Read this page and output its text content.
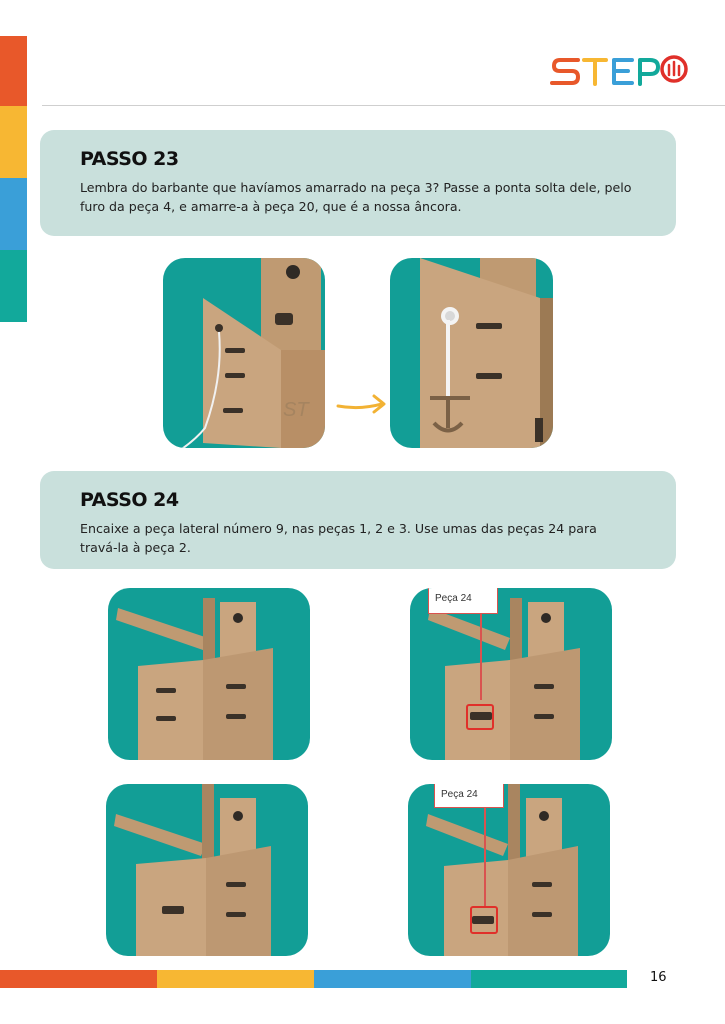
PASSO 23
Lembra do barbante que havíamos amarrado na peça 3? Passe a ponta solta dele, pelo furo da peça 4, e amarre-a à peça 20, que é a nossa âncora.
ST
PASSO 24
Encaixe a peça lateral número 9, nas peças 1, 2 e 3. Use umas das peças 24 para travá-la à peça 2.
Peça 24
Peça 24
16
